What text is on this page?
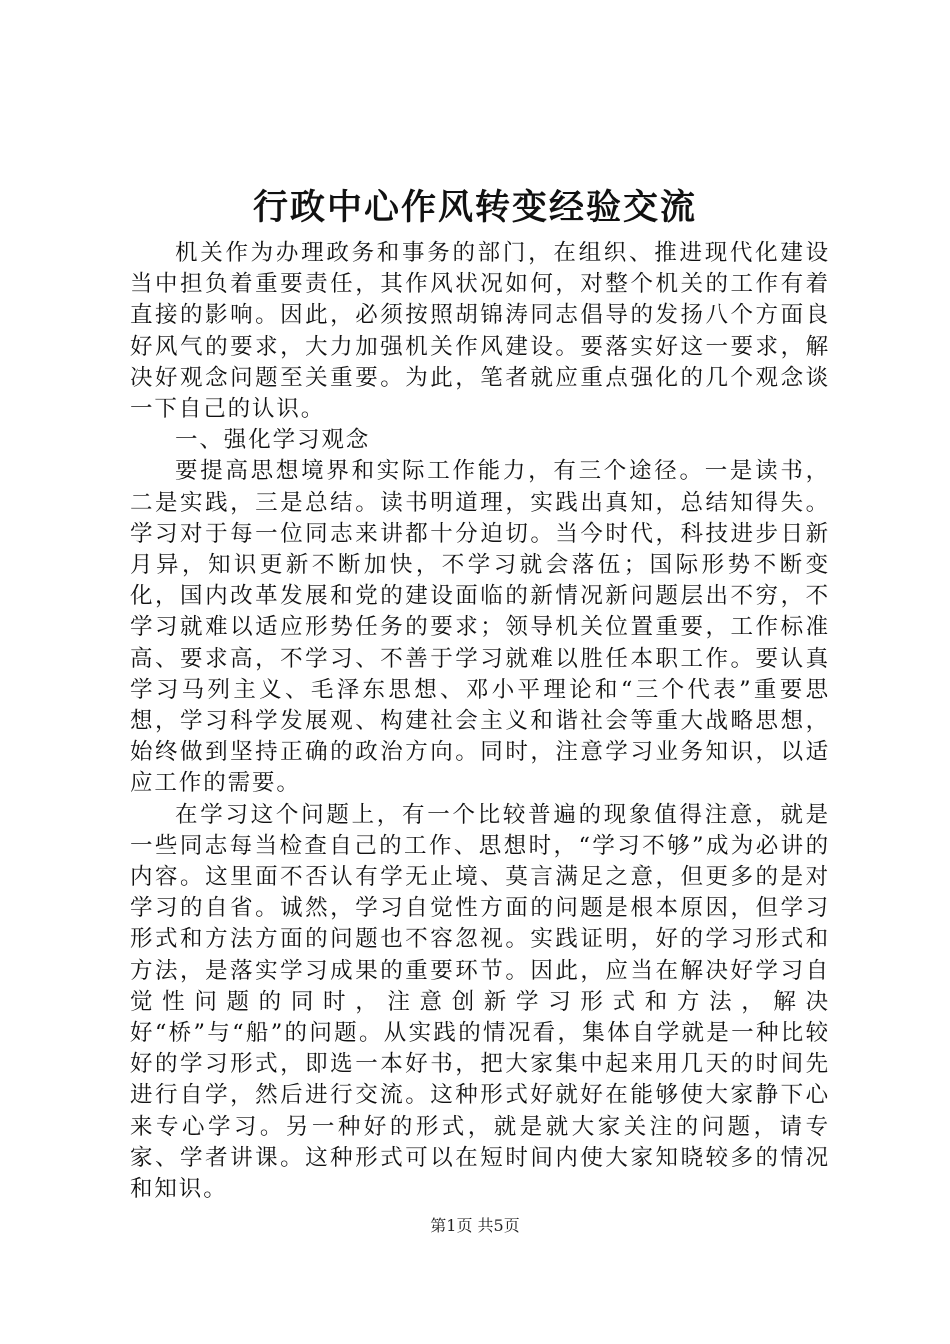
行政中心作风转变经验交流

机关作为办理政务和事务的部门，在组织、推进现代化建设当中担负着重要责任，其作风状况如何，对整个机关的工作有着直接的影响。因此，必须按照胡锦涛同志倡导的发扬八个方面良好风气的要求，大力加强机关作风建设。要落实好这一要求，解决好观念问题至关重要。为此，笔者就应重点强化的几个观念谈一下自己的认识。

一、强化学习观念

要提高思想境界和实际工作能力，有三个途径。一是读书，二是实践，三是总结。读书明道理，实践出真知，总结知得失。学习对于每一位同志来讲都十分迫切。当今时代，科技进步日新月异，知识更新不断加快，不学习就会落伍；国际形势不断变化，国内改革发展和党的建设面临的新情况新问题层出不穷，不学习就难以适应形势任务的要求；领导机关位置重要，工作标准高、要求高，不学习、不善于学习就难以胜任本职工作。要认真学习马列主义、毛泽东思想、邓小平理论和“三个代表”重要思想，学习科学发展观、构建社会主义和谐社会等重大战略思想，始终做到坚持正确的政治方向。同时，注意学习业务知识，以适应工作的需要。

在学习这个问题上，有一个比较普遍的现象值得注意，就是一些同志每当检查自己的工作、思想时，“学习不够”成为必讲的内容。这里面不否认有学无止境、莫言满足之意，但更多的是对学习的自省。诚然，学习自觉性方面的问题是根本原因，但学习形式和方法方面的问题也不容忽视。实践证明，好的学习形式和方法，是落实学习成果的重要环节。因此，应当在解决好学习自觉性问题的同时，注意创新学习形式和方法，解决好“桥”与“船”的问题。从实践的情况看，集体自学就是一种比较好的学习形式，即选一本好书，把大家集中起来用几天的时间先进行自学，然后进行交流。这种形式好就好在能够使大家静下心来专心学习。另一种好的形式，就是就大家关注的问题，请专家、学者讲课。这种形式可以在短时间内使大家知晓较多的情况和知识。

第1页 共5页
